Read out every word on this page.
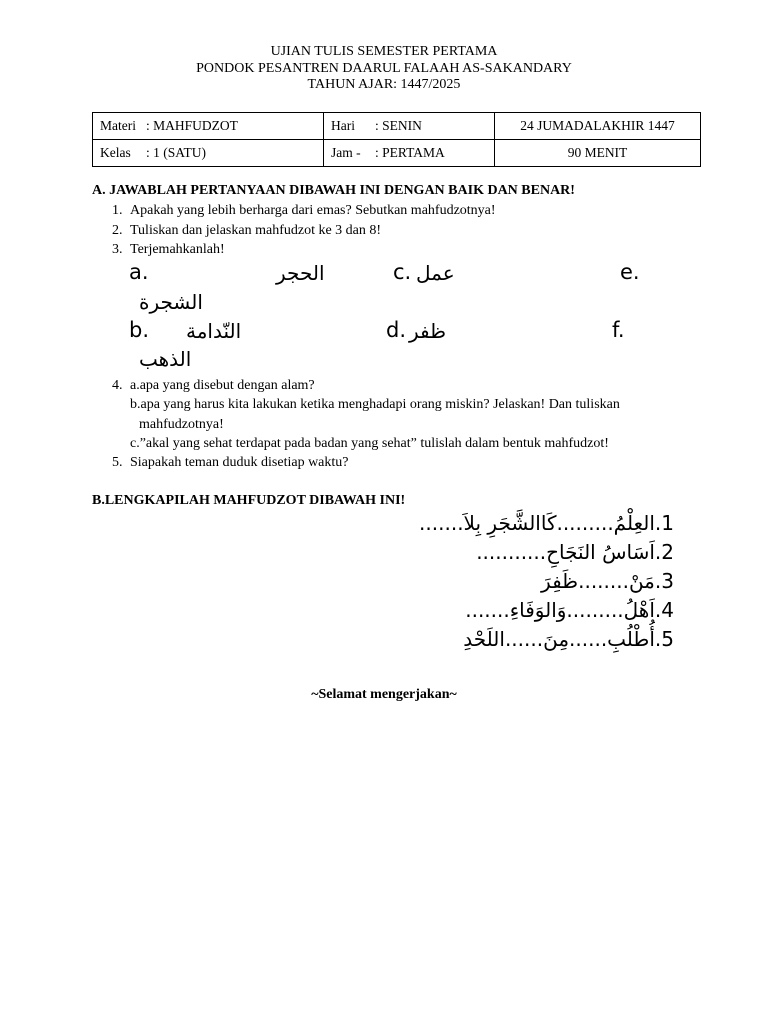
UJIAN TULIS SEMESTER PERTAMA
PONDOK PESANTREN DAARUL FALAAH AS-SAKANDARY
TAHUN AJAR: 1447/2025
Materi : MAHFUDZOT	Hari : SENIN	24 JUMADALAKHIR 1447
Kelas : 1 (SATU)	Jam - : PERTAMA	90 MENIT
A. JAWABLAH PERTANYAAN DIBAWAH INI DENGAN BAIK DAN BENAR!
1. Apakah yang lebih berharga dari emas? Sebutkan mahfudzotnya!
2. Tuliskan dan jelaskan mahfudzot ke 3 dan 8!
3. Terjemahkanlah!
a.	الحجر	c. عمل	e.
الشجرة
b. النّدامة	d. ظفر	f.
الذهب
4. a.apa yang disebut dengan alam?
b.apa yang harus kita lakukan ketika menghadapi orang miskin? Jelaskan! Dan tuliskan
mahfudzotnya!
c.”akal yang sehat terdapat pada badan yang sehat” tulislah dalam bentuk mahfudzot!
5. Siapakah teman duduk disetiap waktu?
B.LENGKAPILAH MAHFUDZOT DIBAWAH INI!
1.العِلْمُ.........كَاالشَّجَرِ بِلاَ.......
2.اَسَاسُ النَجَاحِ...........
3.مَنْ........ظَفِرَ
4.اَهْلُ.........وَالوَفَاءِ.......
5.أُطْلُبِ......مِنَ......اللَحْدِ
~Selamat mengerjakan~
